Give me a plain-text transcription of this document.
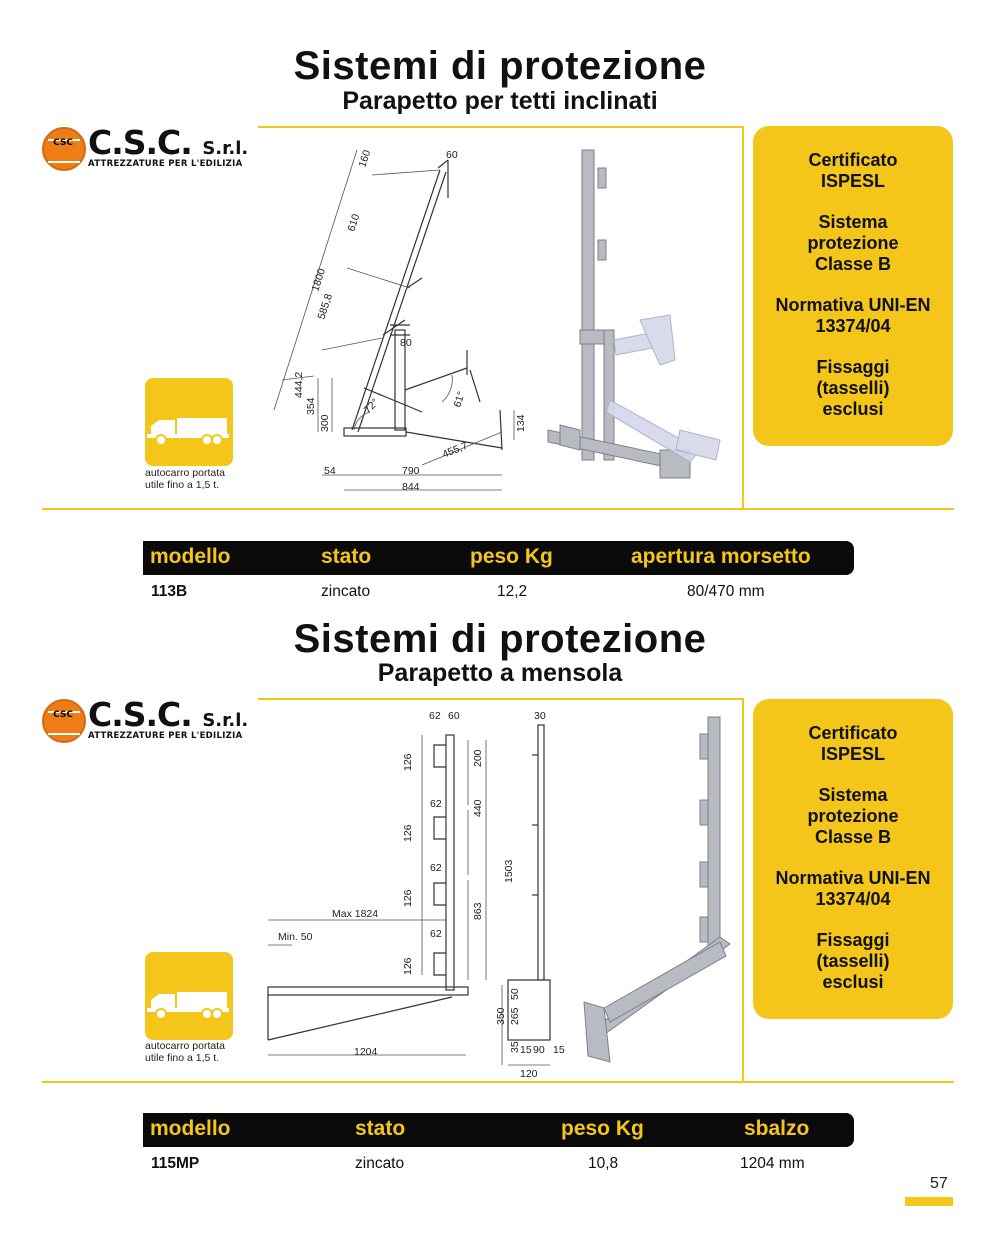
Sistemi di protezione
Parapetto per tetti inclinati
CSC C.S.C. S.r.l.
ATTREZZATURE PER L'EDILIZIA
autocarro portata
utile fino a 1,5 t.
160	60
610
1800
585,8
80
444,2
354
300
72°	61°
134
455,7
54	790
844

Certificato ISPESL

Sistema protezione Classe B

Normativa UNI-EN 13374/04

Fissaggi (tasselli) esclusi

modello	stato	peso Kg	apertura morsetto
113B	zincato	12,2	80/470 mm
Sistemi di protezione
Parapetto a mensola
CSC C.S.C. S.r.l.
ATTREZZATURE PER L'EDILIZIA
autocarro portata
utile fino a 1,5 t.
62 60	30
200
126
62	440
126
1503
62
126
863
Max 1824
Min. 50	62
126
50
265
350
35 15 90 15
1204
120

Certificato ISPESL

Sistema protezione Classe B

Normativa UNI-EN 13374/04

Fissaggi (tasselli) esclusi

modello	stato	peso Kg	sbalzo
115MP	zincato	10,8	1204 mm
57
